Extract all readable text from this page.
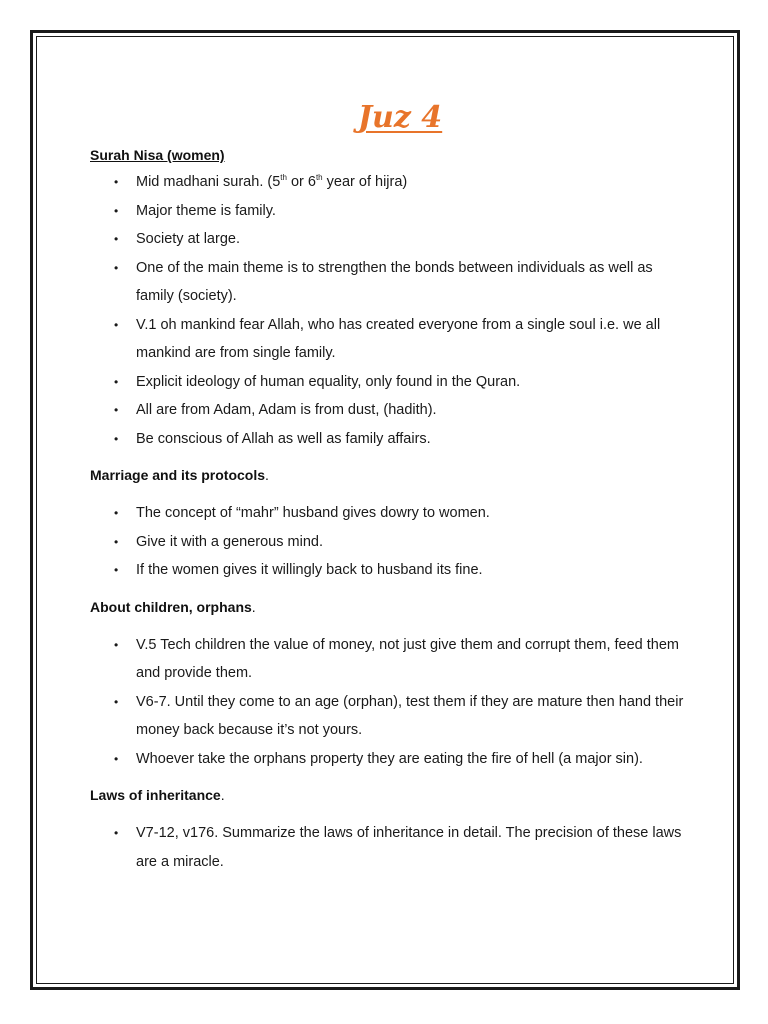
Juz 4

Surah Nisa (women)

• Mid madhani surah. (5th or 6th year of hijra)
• Major theme is family.
• Society at large.
• One of the main theme is to strengthen the bonds between individuals as well as family (society).
• V.1 oh mankind fear Allah, who has created everyone from a single soul i.e. we all mankind are from single family.
• Explicit ideology of human equality, only found in the Quran.
• All are from Adam, Adam is from dust, (hadith).
• Be conscious of Allah as well as family affairs.

Marriage and its protocols.

• The concept of “mahr” husband gives dowry to women.
• Give it with a generous mind.
• If the women gives it willingly back to husband its fine.

About children, orphans.

• V.5 Tech children the value of money, not just give them and corrupt them, feed them and provide them.
• V6-7. Until they come to an age (orphan), test them if they are mature then hand their money back because it’s not yours.
• Whoever take the orphans property they are eating the fire of hell (a major sin).

Laws of inheritance.

• V7-12, v176. Summarize the laws of inheritance in detail. The precision of these laws are a miracle.
